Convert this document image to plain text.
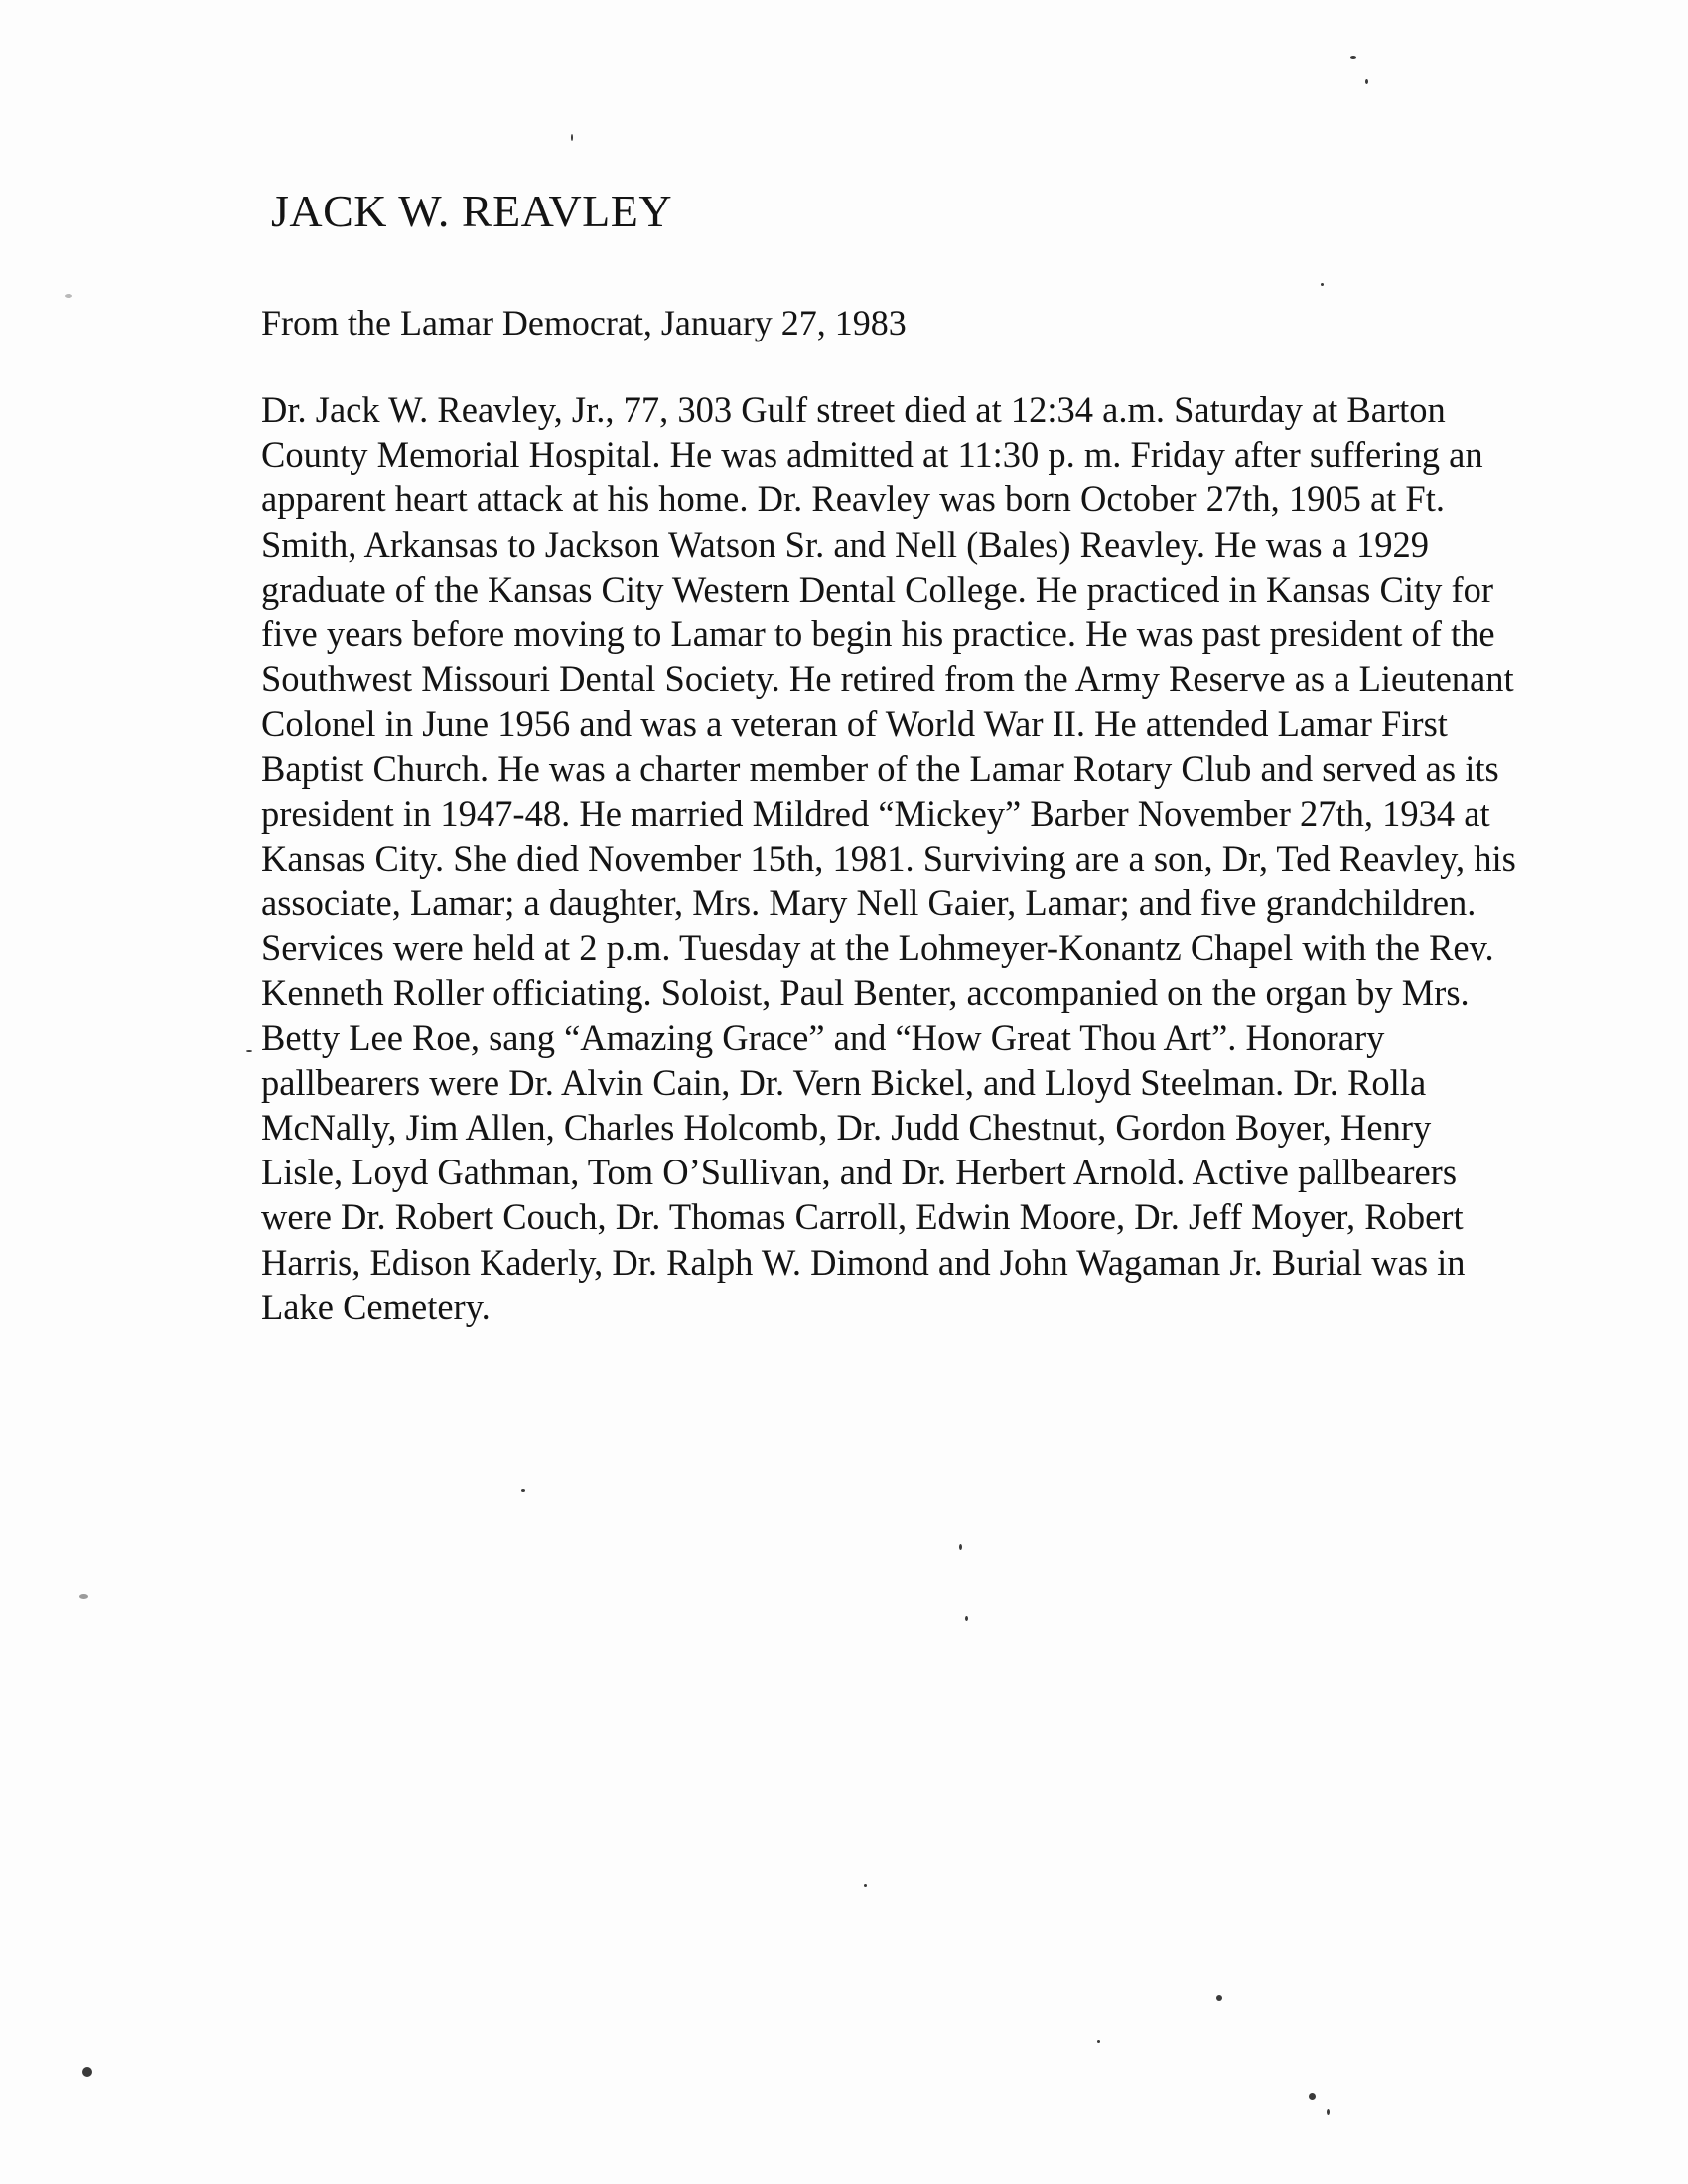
JACK W. REAVLEY

From the Lamar Democrat, January 27, 1983

Dr. Jack W. Reavley, Jr., 77, 303 Gulf street died at 12:34 a.m. Saturday at Barton
County Memorial Hospital. He was admitted at 11:30 p. m. Friday after suffering an
apparent heart attack at his home. Dr. Reavley was born October 27th, 1905 at Ft.
Smith, Arkansas to Jackson Watson Sr. and Nell (Bales) Reavley. He was a 1929
graduate of the Kansas City Western Dental College. He practiced in Kansas City for
five years before moving to Lamar to begin his practice. He was past president of the
Southwest Missouri Dental Society. He retired from the Army Reserve as a Lieutenant
Colonel in June 1956 and was a veteran of World War II. He attended Lamar First
Baptist Church. He was a charter member of the Lamar Rotary Club and served as its
president in 1947-48. He married Mildred “Mickey” Barber November 27th, 1934 at
Kansas City. She died November 15th, 1981. Surviving are a son, Dr, Ted Reavley, his
associate, Lamar; a daughter, Mrs. Mary Nell Gaier, Lamar; and five grandchildren.
Services were held at 2 p.m. Tuesday at the Lohmeyer-Konantz Chapel with the Rev.
Kenneth Roller officiating. Soloist, Paul Benter, accompanied on the organ by Mrs.
Betty Lee Roe, sang “Amazing Grace” and “How Great Thou Art”. Honorary
pallbearers were Dr. Alvin Cain, Dr. Vern Bickel, and Lloyd Steelman. Dr. Rolla
McNally, Jim Allen, Charles Holcomb, Dr. Judd Chestnut, Gordon Boyer, Henry
Lisle, Loyd Gathman, Tom O’Sullivan, and Dr. Herbert Arnold. Active pallbearers
were Dr. Robert Couch, Dr. Thomas Carroll, Edwin Moore, Dr. Jeff Moyer, Robert
Harris, Edison Kaderly, Dr. Ralph W. Dimond and John Wagaman Jr. Burial was in
Lake Cemetery.
